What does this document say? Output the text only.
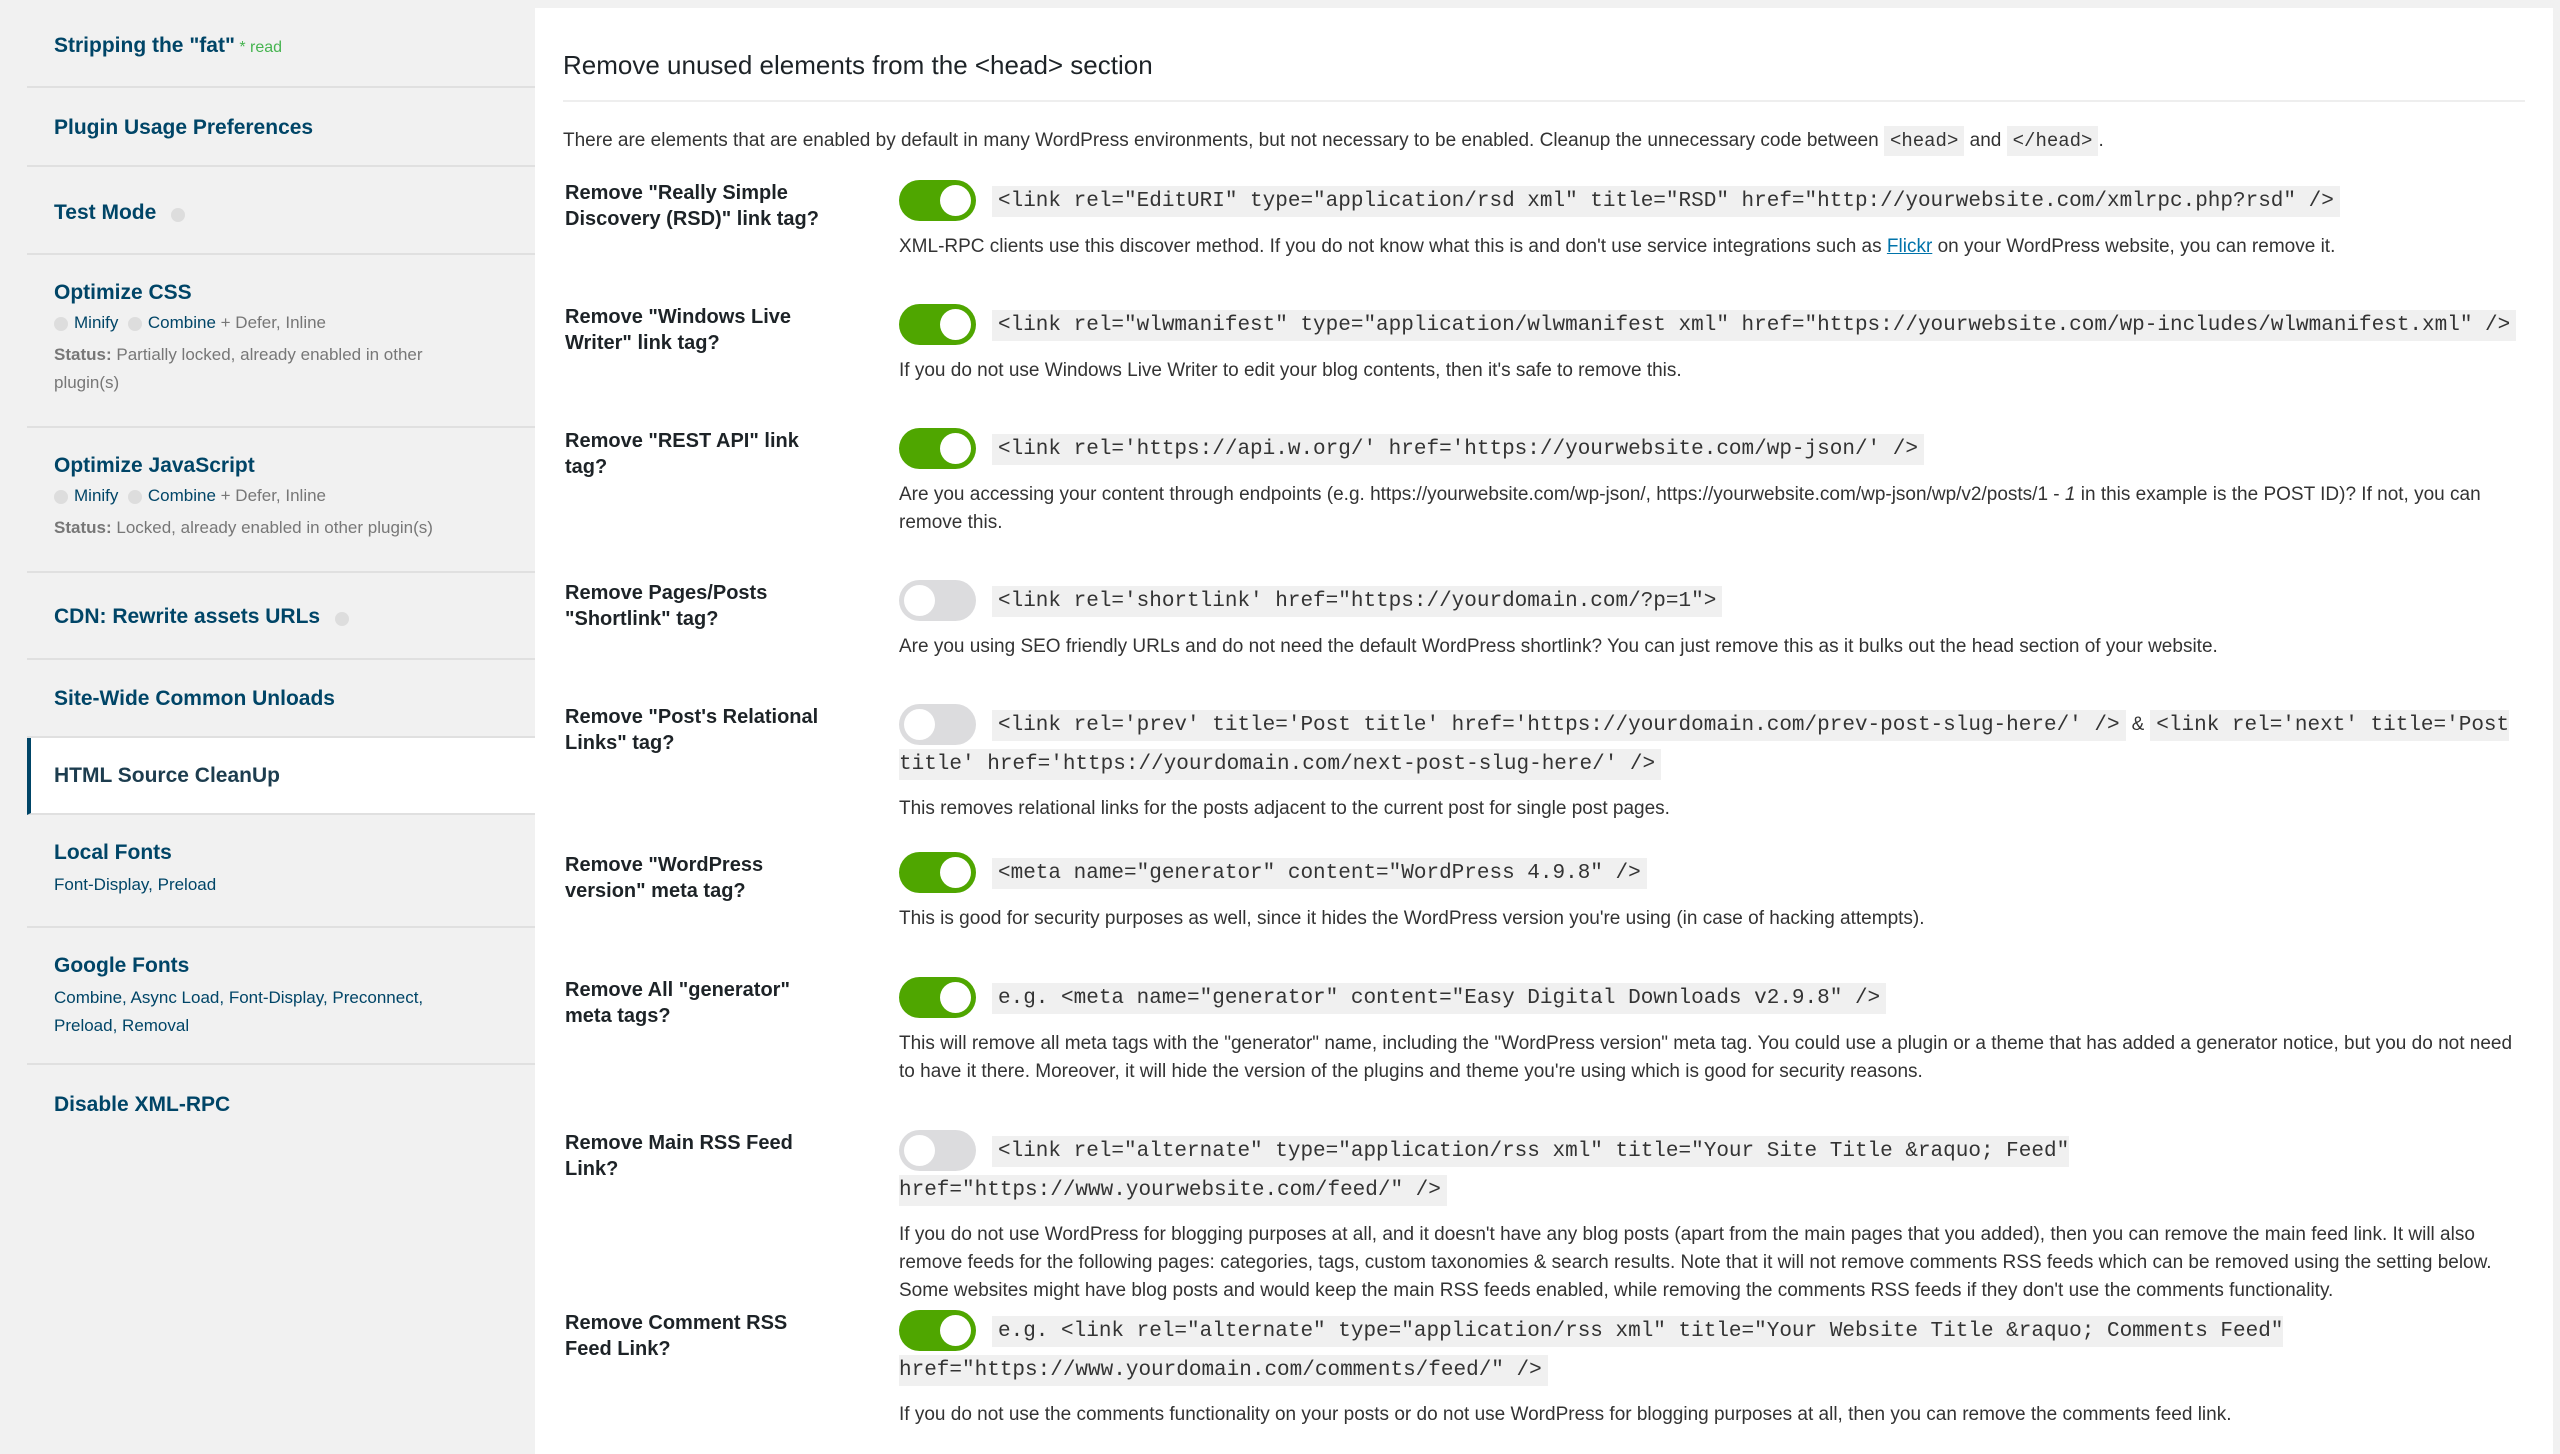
Stripping the "fat" * read
Plugin Usage Preferences
Test Mode
Optimize CSS
Minify Combine + Defer, Inline
Status: Partially locked, already enabled in other plugin(s)
Optimize JavaScript
Minify Combine + Defer, Inline
Status: Locked, already enabled in other plugin(s)
CDN: Rewrite assets URLs
Site-Wide Common Unloads
HTML Source CleanUp
Local Fonts
Font-Display, Preload
Google Fonts
Combine, Async Load, Font-Display, Preconnect, Preload, Removal
Disable XML-RPC
Remove unused elements from the <head> section
There are elements that are enabled by default in many WordPress environments, but not necessary to be enabled. Cleanup the unnecessary code between <head> and </head> .
Remove "Really Simple Discovery (RSD)" link tag?
<link rel="EditURI" type="application/rsd xml" title="RSD" href="http://yourwebsite.com/xmlrpc.php?rsd" />
XML-RPC clients use this discover method. If you do not know what this is and don't use service integrations such as Flickr on your WordPress website, you can remove it.
Remove "Windows Live Writer" link tag?
<link rel="wlwmanifest" type="application/wlwmanifest xml" href="https://yourwebsite.com/wp-includes/wlwmanifest.xml" />
If you do not use Windows Live Writer to edit your blog contents, then it's safe to remove this.
Remove "REST API" link tag?
<link rel='https://api.w.org/' href='https://yourwebsite.com/wp-json/' />
Are you accessing your content through endpoints (e.g. https://yourwebsite.com/wp-json/, https://yourwebsite.com/wp-json/wp/v2/posts/1 - 1 in this example is the POST ID)? If not, you can remove this.
Remove Pages/Posts "Shortlink" tag?
<link rel='shortlink' href="https://yourdomain.com/?p=1">
Are you using SEO friendly URLs and do not need the default WordPress shortlink? You can just remove this as it bulks out the head section of your website.
Remove "Post's Relational Links" tag?
<link rel='prev' title='Post title' href='https://yourdomain.com/prev-post-slug-here/' /> & <link rel='next' title='Post title' href='https://yourdomain.com/next-post-slug-here/' />
This removes relational links for the posts adjacent to the current post for single post pages.
Remove "WordPress version" meta tag?
<meta name="generator" content="WordPress 4.9.8" />
This is good for security purposes as well, since it hides the WordPress version you're using (in case of hacking attempts).
Remove All "generator" meta tags?
e.g. <meta name="generator" content="Easy Digital Downloads v2.9.8" />
This will remove all meta tags with the "generator" name, including the "WordPress version" meta tag. You could use a plugin or a theme that has added a generator notice, but you do not need to have it there. Moreover, it will hide the version of the plugins and theme you're using which is good for security reasons.
Remove Main RSS Feed Link?
<link rel="alternate" type="application/rss xml" title="Your Site Title &raquo; Feed" href="https://www.yourwebsite.com/feed/" />
If you do not use WordPress for blogging purposes at all, and it doesn't have any blog posts (apart from the main pages that you added), then you can remove the main feed link. It will also remove feeds for the following pages: categories, tags, custom taxonomies & search results. Note that it will not remove comments RSS feeds which can be removed using the setting below. Some websites might have blog posts and would keep the main RSS feeds enabled, while removing the comments RSS feeds if they don't use the comments functionality.
Remove Comment RSS Feed Link?
e.g. <link rel="alternate" type="application/rss xml" title="Your Website Title &raquo; Comments Feed" href="https://www.yourdomain.com/comments/feed/" />
If you do not use the comments functionality on your posts or do not use WordPress for blogging purposes at all, then you can remove the comments feed link.
